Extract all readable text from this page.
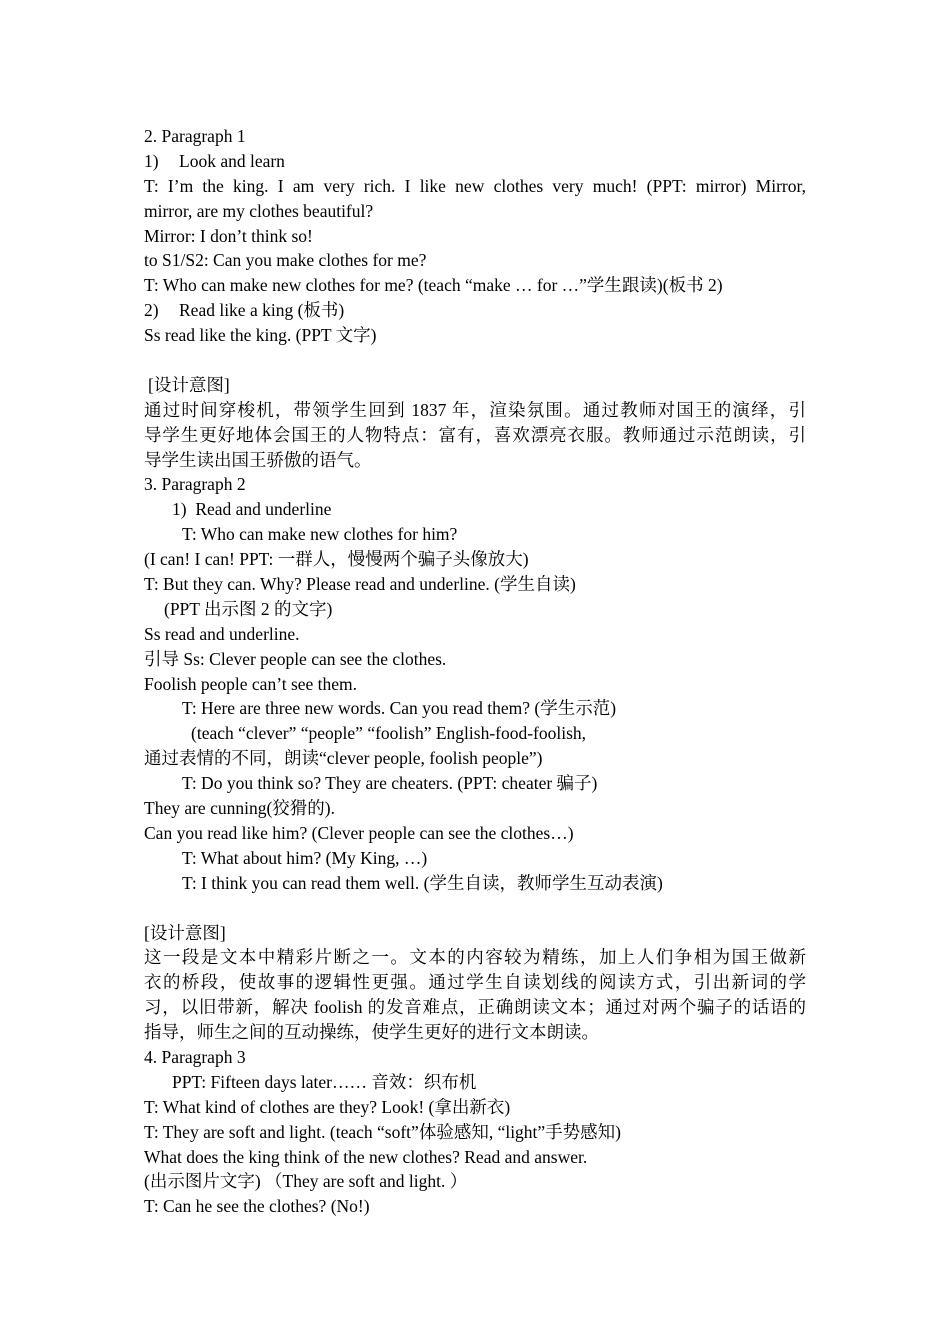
2. Paragraph 1
1) Look and learn
T: I’m the king. I am very rich. I like new clothes very much! (PPT: mirror) Mirror,
mirror, are my clothes beautiful?
Mirror: I don’t think so!
to S1/S2: Can you make clothes for me?
T: Who can make new clothes for me? (teach “make … for …”学生跟读)(板书 2)
2) Read like a king (板书)
Ss read like the king. (PPT 文字)
[设计意图]
通过时间穿梭机，带领学生回到 1837 年，渲染氛围。通过教师对国王的演绎，引
导学生更好地体会国王的人物特点：富有，喜欢漂亮衣服。教师通过示范朗读，引
导学生读出国王骄傲的语气。
3. Paragraph 2
1)  Read and underline
T: Who can make new clothes for him?
(I can! I can! PPT: 一群人，慢慢两个骗子头像放大)
T: But they can. Why? Please read and underline. (学生自读)
(PPT 出示图 2 的文字)
Ss read and underline.
引导 Ss: Clever people can see the clothes.
Foolish people can’t see them.
T: Here are three new words. Can you read them? (学生示范)
(teach “clever” “people” “foolish” English-food-foolish,
通过表情的不同，朗读“clever people, foolish people”)
T: Do you think so? They are cheaters. (PPT: cheater 骗子)
They are cunning(狡猾的).
Can you read like him? (Clever people can see the clothes…)
T: What about him? (My King, …)
T: I think you can read them well. (学生自读，教师学生互动表演)
[设计意图]
这一段是文本中精彩片断之一。文本的内容较为精练，加上人们争相为国王做新
衣的桥段，使故事的逻辑性更强。通过学生自读划线的阅读方式，引出新词的学
习，以旧带新，解决 foolish 的发音难点，正确朗读文本；通过对两个骗子的话语的
指导，师生之间的互动操练，使学生更好的进行文本朗读。
4. Paragraph 3
PPT: Fifteen days later…… 音效：织布机
T: What kind of clothes are they? Look! (拿出新衣)
T: They are soft and light. (teach “soft”体验感知, “light”手势感知)
What does the king think of the new clothes? Read and answer.
(出示图片文字) （They are soft and light. ）
T: Can he see the clothes? (No!)
